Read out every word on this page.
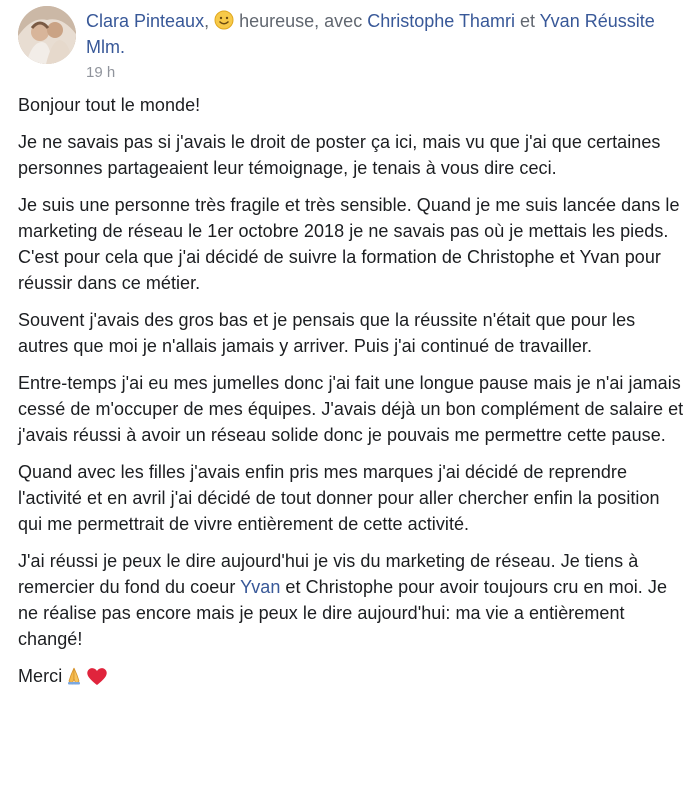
Clara Pinteaux,  heureuse, avec Christophe Thamri et Yvan Réussite Mlm.
19 h

Bonjour tout le monde!

Je ne savais pas si j'avais le droit de poster ça ici, mais vu que j'ai que certaines personnes partageaient leur témoignage, je tenais à vous dire ceci.

Je suis une personne très fragile et très sensible. Quand je me suis lancée dans le marketing de réseau le 1er octobre 2018 je ne savais pas où je mettais les pieds. C'est pour cela que j'ai décidé de suivre la formation de Christophe et Yvan pour réussir dans ce métier.

Souvent j'avais des gros bas et je pensais que la réussite n'était que pour les autres que moi je n'allais jamais y arriver. Puis j'ai continué de travailler.

Entre-temps j'ai eu mes jumelles donc j'ai fait une longue pause mais je n'ai jamais cessé de m'occuper de mes équipes. J'avais déjà un bon complément de salaire et j'avais réussi à avoir un réseau solide donc je pouvais me permettre cette pause.

Quand avec les filles j'avais enfin pris mes marques j'ai décidé de reprendre l'activité et en avril j'ai décidé de tout donner pour aller chercher enfin la position qui me permettrait de vivre entièrement de cette activité.

J'ai réussi je peux le dire aujourd'hui je vis du marketing de réseau. Je tiens à remercier du fond du coeur Yvan et Christophe pour avoir toujours cru en moi. Je ne réalise pas encore mais je peux le dire aujourd'hui: ma vie a entièrement changé!

Merci
